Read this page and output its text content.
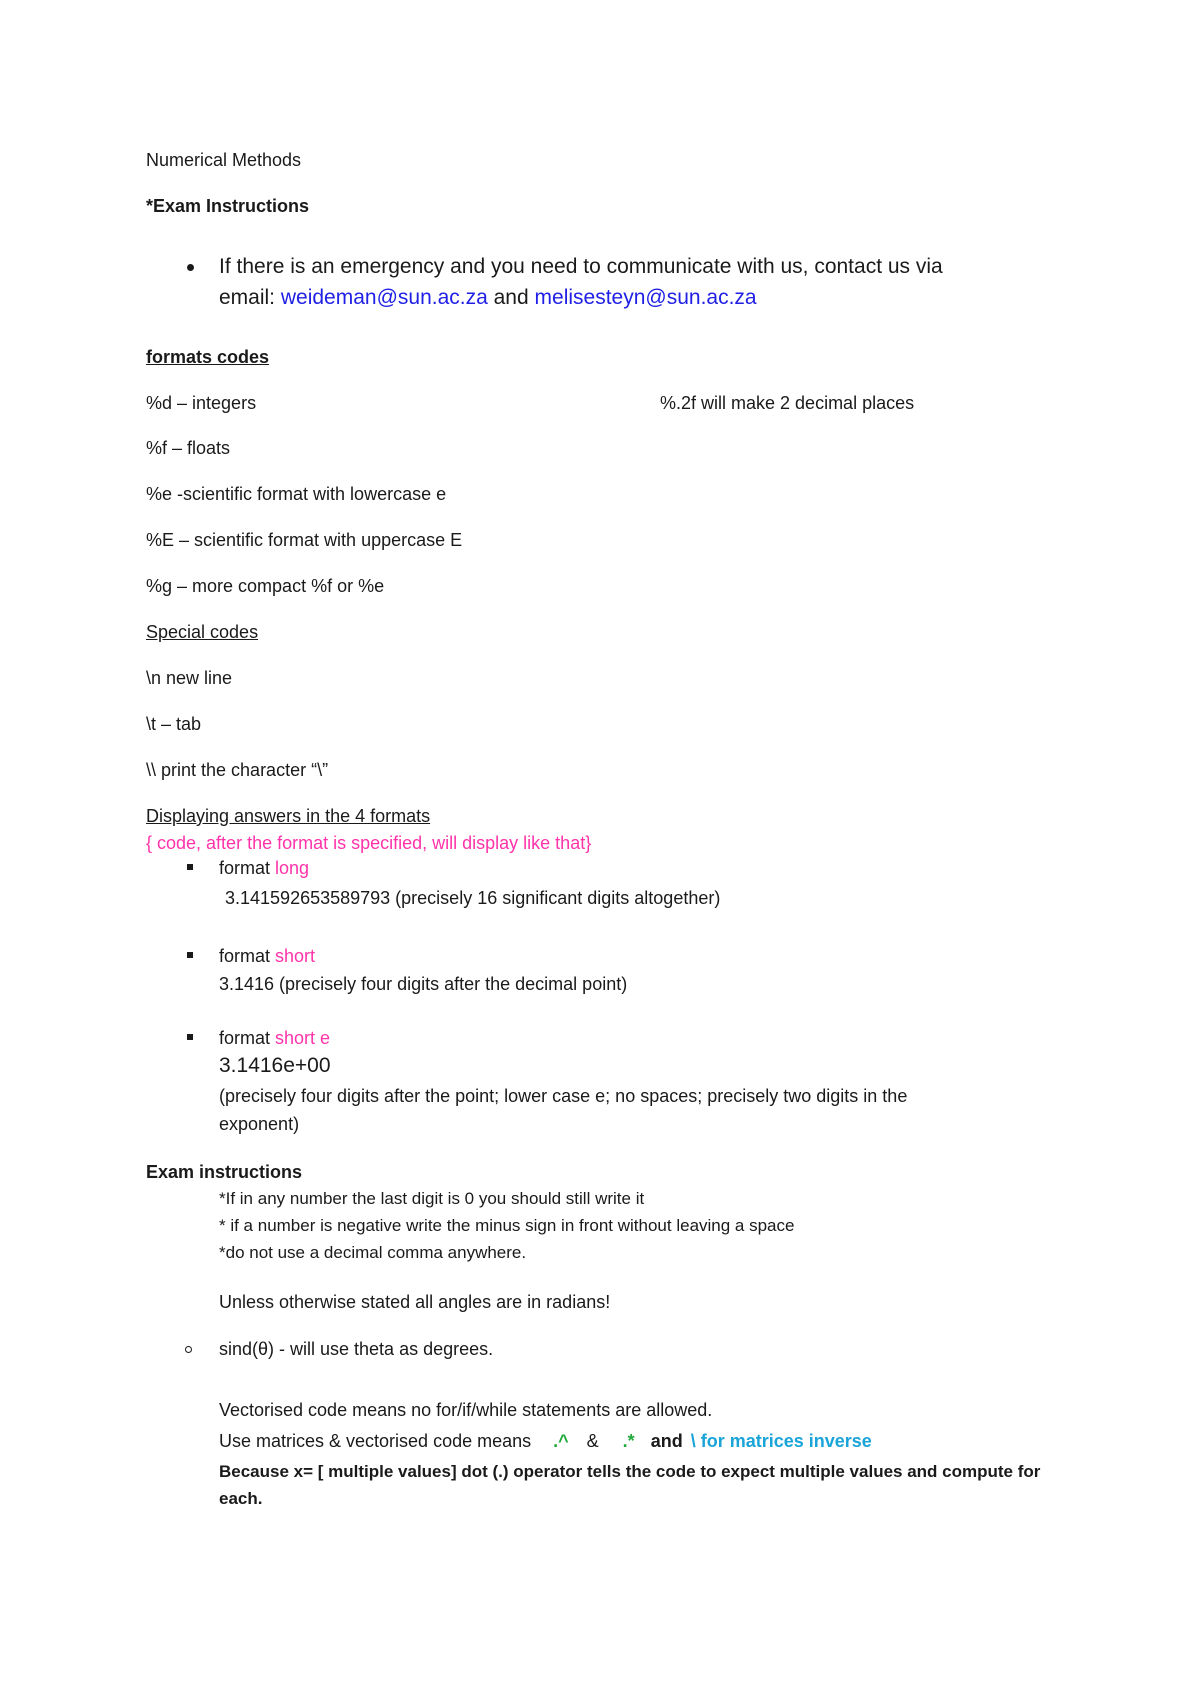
Numerical Methods
*Exam Instructions
If there is an emergency and you need to communicate with us, contact us via
email: weideman@sun.ac.za and melisesteyn@sun.ac.za
formats codes
%d – integers	%.2f will make 2 decimal places
%f – floats
%e -scientific format with lowercase e
%E – scientific format with uppercase E
%g – more compact %f or %e
Special codes
\n new line
\t – tab
\\ print the character “\”
Displaying answers in the 4 formats
{ code, after the format is specified, will display like that}
format long
3.141592653589793 (precisely 16 significant digits altogether)
format short
3.1416 (precisely four digits after the decimal point)
format short e
3.1416e+00
(precisely four digits after the point; lower case e; no spaces; precisely two digits in the
exponent)
Exam instructions
*If in any number the last digit is 0 you should still write it
* if a number is negative write the minus sign in front without leaving a space
*do not use a decimal comma anywhere.
Unless otherwise stated all angles are in radians!
sind(θ) - will use theta as degrees.
Vectorised code means no for/if/while statements are allowed.
Use matrices & vectorised code means .^ & .* and \ for matrices inverse
Because x= [ multiple values] dot (.) operator tells the code to expect multiple values and compute for
each.
